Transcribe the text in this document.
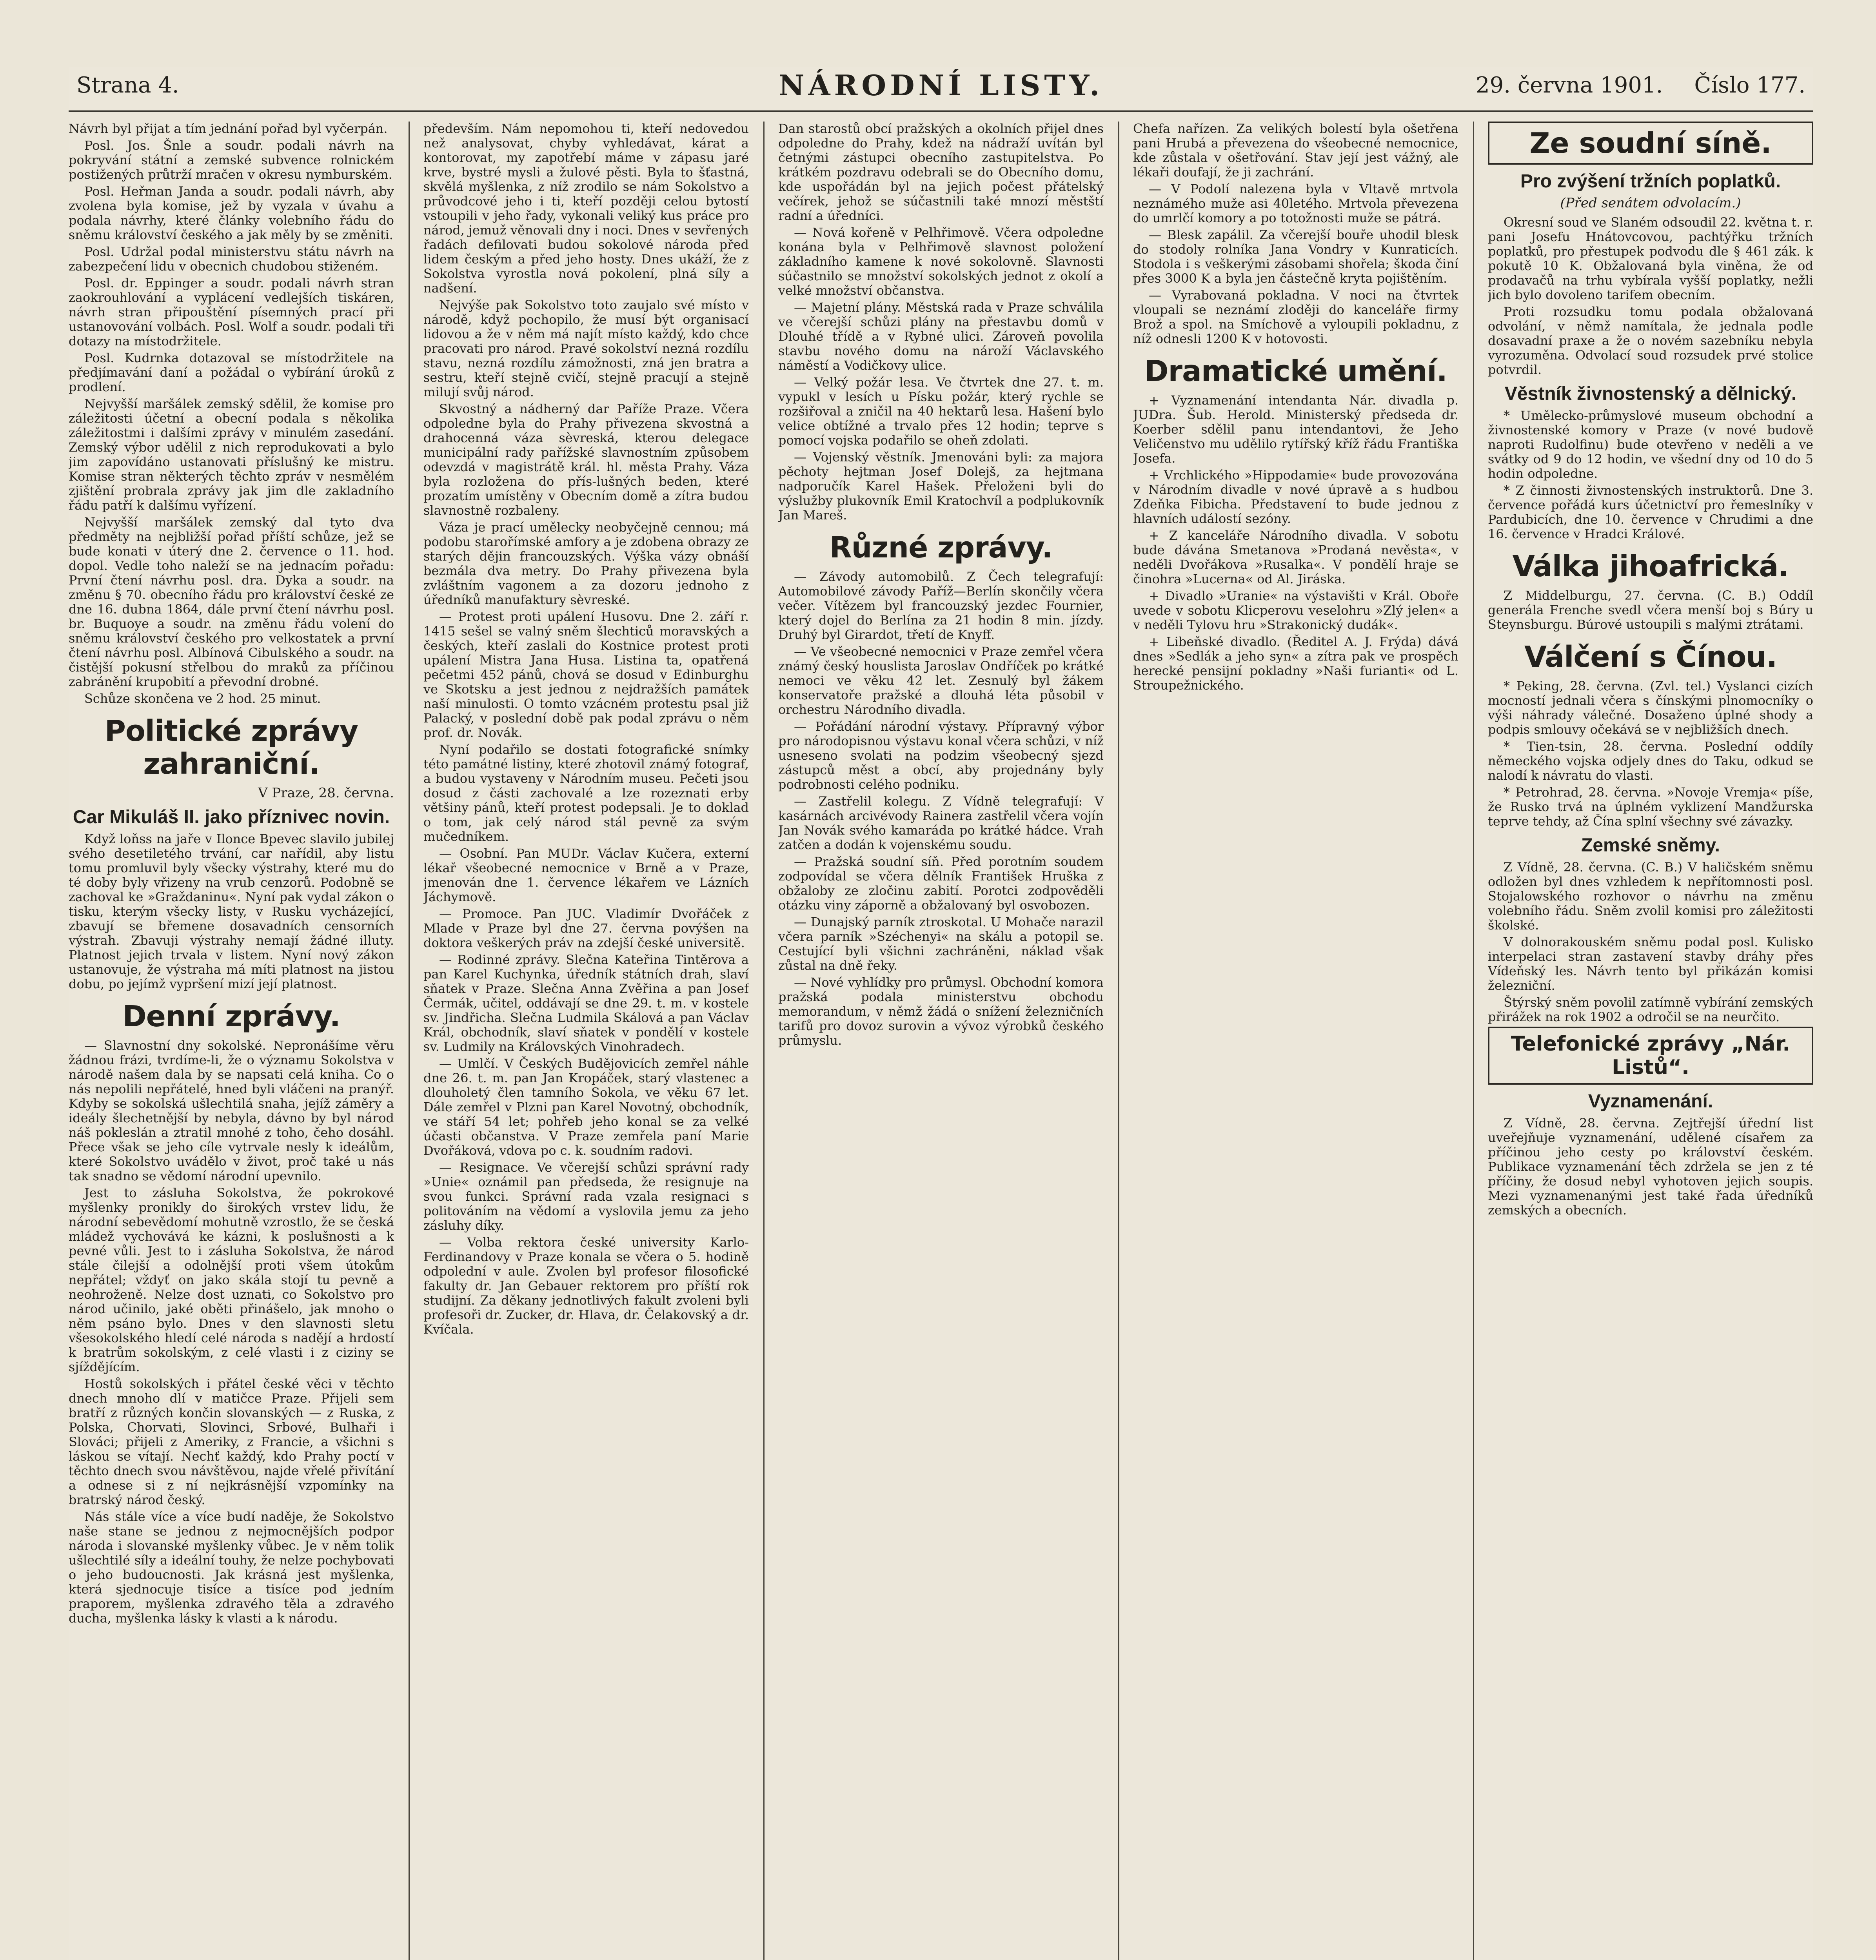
Strana 4.	NÁRODNÍ LISTY.	29. června 1901. Číslo 177.

Návrh byl přijat a tím jednání pořad byl vyčerpán.

Posl. Jos. Šnle a soudr. podali návrh na pokryvání státní a zemské subvence rolnickém postižených průtrží mračen v okresu nymburském.

Posl. Heřman Janda a soudr. podali návrh, aby zvolena byla komise, jež by vyzala v úvahu a podala návrhy, které články volebního řádu do sněmu království českého a jak měly by se změniti.

Posl. Udržal podal ministerstvu státu návrh na zabezpečení lidu v obecnich chudobou stiženém.

Posl. dr. Eppinger a soudr. podali návrh stran zaokrouhlování a vyplácení vedlejších tiskáren, návrh stran připouštění písemných prací při ustanovování volbách. Posl. Wolf a soudr. podali tři dotazy na místodržitele.

Posl. Kudrnka dotazoval se místodržitele na předjímavání daní a požádal o vybírání úroků z prodlení.

Nejvyšší maršálek zemský sdělil, že komise pro záležitosti účetní a obecní podala s několika záležitostmi i dalšími zprávy v minulém zasedání. Zemský výbor udělil z nich reprodukovati a bylo jim zapovídáno ustanovati příslušný ke mistru. Komise stran některých těchto zpráv v nesmělém zjištění probrala zprávy jak jim dle zakladního řádu patří k dalšímu vyřízení.

Nejvyšší maršálek zemský dal tyto dva předměty na nejbližší pořad příští schůze, jež se bude konati v úterý dne 2. července o 11. hod. dopol. Vedle toho naleží se na jednacím pořadu: První čtení návrhu posl. dra. Dyka a soudr. na změnu § 70. obecního řádu pro království české ze dne 16. dubna 1864, dále první čtení návrhu posl. br. Buquoye a soudr. na změnu řádu volení do sněmu království českého pro velkostatek a první čtení návrhu posl. Albínová Cibulského a soudr. na čistější pokusní střelbou do mraků za příčinou zabránění krupobití a převodní drobné.

Schůze skončena ve 2 hod. 25 minut.

Politické zprávy zahraniční.
V Praze, 28. června.
Car Mikuláš II. jako příznivec novin.

Když loňss na jaře v Ilonce Bpevec slavilo jubilej svého desetiletého trvání, car nařídil, aby listu tomu promluvil byly všecky výstrahy, které mu do té doby byly vřizeny na vrub cenzorů. Podobně se zachoval ke »Graždaninu«. Nyní pak vydal zákon o tisku, kterým všecky listy, v Rusku vycházející, zbavují se břemene dosavadních censorních výstrah. Zbavuji výstrahy nemají žádné illuty. Platnost jejich trvala v listem. Nyní nový zákon ustanovuje, že výstraha má míti platnost na jistou dobu, po jejímž vypršení mizí její platnost.

Denní zprávy.

— Slavnostní dny sokolské. Nepronášíme věru žádnou frázi, tvrdíme-li, že o významu Sokolstva v národě našem dala by se napsati celá kniha. Co o nás nepolili nepřátelé, hned byli vláčeni na pranýř. Kdyby se sokolská ušlechtilá snaha, jejíž záměry a ideály šlechetnější by nebyla, dávno by byl národ náš pokleslán a ztratil mnohé z toho, čeho dosáhl. Přece však se jeho cíle vytrvale nesly k ideálům, které Sokolstvo uvádělo v život, proč také u nás tak snadno se vědomí národní upevnilo.

Jest to zásluha Sokolstva, že pokrokové myšlenky pronikly do širokých vrstev lidu, že národní sebevědomí mohutně vzrostlo, že se česká mládež vychovává ke kázni, k poslušnosti a k pevné vůli. Jest to i zásluha Sokolstva, že národ stále čilejší a odolnější proti všem útokům nepřátel; vždyť on jako skála stojí tu pevně a neohroženě. Nelze dost uznati, co Sokolstvo pro národ učinilo, jaké oběti přinášelo, jak mnoho o něm psáno bylo. Dnes v den slavnosti sletu všesokolského hledí celé národa s nadějí a hrdostí k bratrům sokolským, z celé vlasti i z ciziny se sjíždějícím.

Hostů sokolských i přátel české věci v těchto dnech mnoho dlí v matičce Praze. Přijeli sem bratří z různých končin slovanských — z Ruska, z Polska, Chorvati, Slovinci, Srbové, Bulhaři i Slováci; přijeli z Ameriky, z Francie, a všichni s láskou se vítají. Nechť každý, kdo Prahy poctí v těchto dnech svou návštěvou, najde vřelé přivítání a odnese si z ní nejkrásnější vzpomínky na bratrský národ český.

Nás stále více a více budí naděje, že Sokolstvo naše stane se jednou z nejmocnějších podpor národa i slovanské myšlenky vůbec. Je v něm tolik ušlechtilé síly a ideální touhy, že nelze pochybovati o jeho budoucnosti. Jak krásná jest myšlenka, která sjednocuje tisíce a tisíce pod jedním praporem, myšlenka zdravého těla a zdravého ducha, myšlenka lásky k vlasti a k národu.

především. Nám nepomohou ti, kteří nedovedou než analysovat, chyby vyhledávat, kárat a kontorovat, my zapotřebí máme v zápasu jaré krve, bystré mysli a žulové pěsti. Byla to šťastná, skvělá myšlenka, z níž zrodilo se nám Sokolstvo a průvodcové jeho i ti, kteří později celou bytostí vstoupili v jeho řady, vykonali veliký kus práce pro národ, jemuž věnovali dny i noci. Dnes v sevřených řadách defilovati budou sokolové národa před lidem českým a před jeho hosty. Dnes ukáží, že z Sokolstva vyrostla nová pokolení, plná síly a nadšení.

Nejvýše pak Sokolstvo toto zaujalo své místo v národě, když pochopilo, že musí být organisací lidovou a že v něm má najít místo každý, kdo chce pracovati pro národ. Pravé sokolství nezná rozdílu stavu, nezná rozdílu zámožnosti, zná jen bratra a sestru, kteří stejně cvičí, stejně pracují a stejně milují svůj národ.

Skvostný a nádherný dar Paříže Praze. Včera odpoledne byla do Prahy přivezena skvostná a drahocenná váza sèvreská, kterou delegace municipální rady pařížské slavnostním způsobem odevzdá v magistrátě král. hl. města Prahy. Váza byla rozložena do přís-lušných beden, které prozatím umístěny v Obecním domě a zítra budou slavnostně rozbaleny.

Váza je prací umělecky neobyčejně cennou; má podobu starořímské amfory a je zdobena obrazy ze starých dějin francouzských. Výška vázy obnáší bezmála dva metry. Do Prahy přivezena byla zvláštním vagonem a za dozoru jednoho z úředníků manufaktury sèvreské.

— Protest proti upálení Husovu. Dne 2. září r. 1415 sešel se valný sněm šlechticů moravských a českých, kteří zaslali do Kostnice protest proti upálení Mistra Jana Husa. Listina ta, opatřená pečetmi 452 pánů, chová se dosud v Edinburghu ve Skotsku a jest jednou z nejdražších památek naší minulosti. O tomto vzácném protestu psal již Palacký, v poslední době pak podal zprávu o něm prof. dr. Novák.

Nyní podařilo se dostati fotografické snímky této památné listiny, které zhotovil známý fotograf, a budou vystaveny v Národním museu. Pečeti jsou dosud z části zachovalé a lze rozeznati erby většiny pánů, kteří protest podepsali. Je to doklad o tom, jak celý národ stál pevně za svým mučedníkem.

— Osobní. Pan MUDr. Václav Kučera, externí lékař všeobecné nemocnice v Brně a v Praze, jmenován dne 1. července lékařem ve Lázních Jáchymově.

— Promoce. Pan JUC. Vladimír Dvořáček z Mlade v Praze byl dne 27. června povýšen na doktora veškerých práv na zdejší české universitě.

— Rodinné zprávy. Slečna Kateřina Tintěrova a pan Karel Kuchynka, úředník státních drah, slaví sňatek v Praze. Slečna Anna Zvěřina a pan Josef Čermák, učitel, oddávají se dne 29. t. m. v kostele sv. Jindřicha. Slečna Ludmila Skálová a pan Václav Král, obchodník, slaví sňatek v pondělí v kostele sv. Ludmily na Královských Vinohradech.

— Umlčí. V Českých Budějovicích zemřel náhle dne 26. t. m. pan Jan Kropáček, starý vlastenec a dlouholetý člen tamního Sokola, ve věku 67 let. Dále zemřel v Plzni pan Karel Novotný, obchodník, ve stáří 54 let; pohřeb jeho konal se za velké účasti občanstva. V Praze zemřela paní Marie Dvořáková, vdova po c. k. soudním radovi.

— Resignace. Ve včerejší schůzi správní rady »Unie« oznámil pan předseda, že resignuje na svou funkci. Správní rada vzala resignaci s politováním na vědomí a vyslovila jemu za jeho zásluhy díky.

— Volba rektora české university Karlo-Ferdinandovy v Praze konala se včera o 5. hodině odpolední v aule. Zvolen byl profesor filosofické fakulty dr. Jan Gebauer rektorem pro příští rok studijní. Za děkany jednotlivých fakult zvoleni byli profesoři dr. Zucker, dr. Hlava, dr. Čelakovský a dr. Kvíčala.

Dan starostů obcí pražských a okolních přijel dnes odpoledne do Prahy, kdež na nádraží uvítán byl četnými zástupci obecního zastupitelstva. Po krátkém pozdravu odebrali se do Obecního domu, kde uspořádán byl na jejich počest přátelský večírek, jehož se súčastnili také mnozí městští radní a úředníci.

— Nová kořeně v Pelhřimově. Včera odpoledne konána byla v Pelhřimově slavnost položení základního kamene k nové sokolovně. Slavnosti súčastnilo se množství sokolských jednot z okolí a velké množství občanstva.

— Majetní plány. Městská rada v Praze schválila ve včerejší schůzi plány na přestavbu domů v Dlouhé třídě a v Rybné ulici. Zároveň povolila stavbu nového domu na nároží Václavského náměstí a Vodičkovy ulice.

— Velký požár lesa. Ve čtvrtek dne 27. t. m. vypukl v lesích u Písku požár, který rychle se rozšiřoval a zničil na 40 hektarů lesa. Hašení bylo velice obtížné a trvalo přes 12 hodin; teprve s pomocí vojska podařilo se oheň zdolati.

— Vojenský věstník. Jmenováni byli: za majora pěchoty hejtman Josef Dolejš, za hejtmana nadporučík Karel Hašek. Přeloženi byli do výslužby plukovník Emil Kratochvíl a podplukovník Jan Mareš.

Různé zprávy.

— Závody automobilů. Z Čech telegrafují: Automobilové závody Paříž—Berlín skončily včera večer. Vítězem byl francouzský jezdec Fournier, který dojel do Berlína za 21 hodin 8 min. jízdy. Druhý byl Girardot, třetí de Knyff.

— Ve všeobecné nemocnici v Praze zemřel včera známý český houslista Jaroslav Ondříček po krátké nemoci ve věku 42 let. Zesnulý byl žákem konservatoře pražské a dlouhá léta působil v orchestru Národního divadla.

— Pořádání národní výstavy. Přípravný výbor pro národopisnou výstavu konal včera schůzi, v níž usneseno svolati na podzim všeobecný sjezd zástupců měst a obcí, aby projednány byly podrobnosti celého podniku.

— Zastřelil kolegu. Z Vídně telegrafují: V kasárnách arcivévody Rainera zastřelil včera vojín Jan Novák svého kamaráda po krátké hádce. Vrah zatčen a dodán k vojenskému soudu.

— Pražská soudní síň. Před porotním soudem zodpovídal se včera dělník František Hruška z obžaloby ze zločinu zabití. Porotci zodpověděli otázku viny záporně a obžalovaný byl osvobozen.

— Dunajský parník ztroskotal. U Mohače narazil včera parník »Széchenyi« na skálu a potopil se. Cestující byli všichni zachráněni, náklad však zůstal na dně řeky.

— Nové vyhlídky pro průmysl. Obchodní komora pražská podala ministerstvu obchodu memorandum, v němž žádá o snížení železničních tarifů pro dovoz surovin a vývoz výrobků českého průmyslu.

Chefa nařízen. Za velikých bolestí byla ošetřena pani Hrubá a převezena do všeobecné nemocnice, kde zůstala v ošetřování. Stav její jest vážný, ale lékaři doufají, že ji zachrání.

— V Podolí nalezena byla v Vltavě mrtvola neznámého muže asi 40letého. Mrtvola převezena do umrlčí komory a po totožnosti muže se pátrá.

— Blesk zapálil. Za včerejší bouře uhodil blesk do stodoly rolníka Jana Vondry v Kunraticích. Stodola i s veškerými zásobami shořela; škoda činí přes 3000 K a byla jen částečně kryta pojištěním.

— Vyrabovaná pokladna. V noci na čtvrtek vloupali se neznámí zloději do kanceláře firmy Brož a spol. na Smíchově a vyloupili pokladnu, z níž odnesli 1200 K v hotovosti.

Dramatické umění.

+ Vyznamenání intendanta Nár. divadla p. JUDra. Šub. Herold. Ministerský předseda dr. Koerber sdělil panu intendantovi, že Jeho Veličenstvo mu udělilo rytířský kříž řádu Františka Josefa.

+ Vrchlického »Hippodamie« bude provozována v Národním divadle v nové úpravě a s hudbou Zdeňka Fibicha. Představení to bude jednou z hlavních událostí sezóny.

+ Z kanceláře Národního divadla. V sobotu bude dávána Smetanova »Prodaná nevěsta«, v neděli Dvořákova »Rusalka«. V pondělí hraje se činohra »Lucerna« od Al. Jiráska.

+ Divadlo »Uranie« na výstavišti v Král. Oboře uvede v sobotu Klicperovu veselohru »Zlý jelen« a v neděli Tylovu hru »Strakonický dudák«.

+ Libeňské divadlo. (Ředitel A. J. Frýda) dává dnes »Sedlák a jeho syn« a zítra pak ve prospěch herecké pensijní pokladny »Naši furianti« od L. Stroupežnického.

Ze soudní síně.
Pro zvýšení tržních poplatků.
(Před senátem odvolacím.)

Okresní soud ve Slaném odsoudil 22. května t. r. pani Josefu Hnátovcovou, pachtýřku tržních poplatků, pro přestupek podvodu dle § 461 zák. k pokutě 10 K. Obžalovaná byla viněna, že od prodavačů na trhu vybírala vyšší poplatky, nežli jich bylo dovoleno tarifem obecním.

Proti rozsudku tomu podala obžalovaná odvolání, v němž namítala, že jednala podle dosavadní praxe a že o novém sazebníku nebyla vyrozuměna. Odvolací soud rozsudek prvé stolice potvrdil.

Věstník živnostenský a dělnický.

* Umělecko-průmyslové museum obchodní a živnostenské komory v Praze (v nové budově naproti Rudolfinu) bude otevřeno v neděli a ve svátky od 9 do 12 hodin, ve všední dny od 10 do 5 hodin odpoledne.

* Z činnosti živnostenských instruktorů. Dne 3. července pořádá kurs účetnictví pro řemeslníky v Pardubicích, dne 10. července v Chrudimi a dne 16. července v Hradci Králové.

Válka jihoafrická.

Z Middelburgu, 27. června. (C. B.) Oddíl generála Frenche svedl včera menší boj s Búry u Steynsburgu. Búrové ustoupili s malými ztrátami.

Válčení s Čínou.

* Peking, 28. června. (Zvl. tel.) Vyslanci cizích mocností jednali včera s čínskými plnomocníky o výši náhrady válečné. Dosaženo úplné shody a podpis smlouvy očekává se v nejbližších dnech.

* Tien-tsin, 28. června. Poslední oddíly německého vojska odjely dnes do Taku, odkud se nalodí k návratu do vlasti.

* Petrohrad, 28. června. »Novoje Vremja« píše, že Rusko trvá na úplném vyklizení Mandžurska teprve tehdy, až Čína splní všechny své závazky.

Zemské sněmy.

Z Vídně, 28. června. (C. B.) V haličském sněmu odložen byl dnes vzhledem k nepřítomnosti posl. Stojalowského rozhovor o návrhu na změnu volebního řádu. Sněm zvolil komisi pro záležitosti školské.

V dolnorakouském sněmu podal posl. Kulisko interpelaci stran zastavení stavby dráhy přes Vídeňský les. Návrh tento byl přikázán komisi železniční.

Štýrský sněm povolil zatímně vybírání zemských přirážek na rok 1902 a odročil se na neurčito.

Telefonické zprávy „Nár. Listů“.
Vyznamenání.

Z Vídně, 28. června. Zejtřejší úřední list uveřejňuje vyznamenání, udělené císařem za příčinou jeho cesty po království českém. Publikace vyznamenání těch zdržela se jen z té příčiny, že dosud nebyl vyhotoven jejich soupis. Mezi vyznamenanými jest také řada úředníků zemských a obecních.
